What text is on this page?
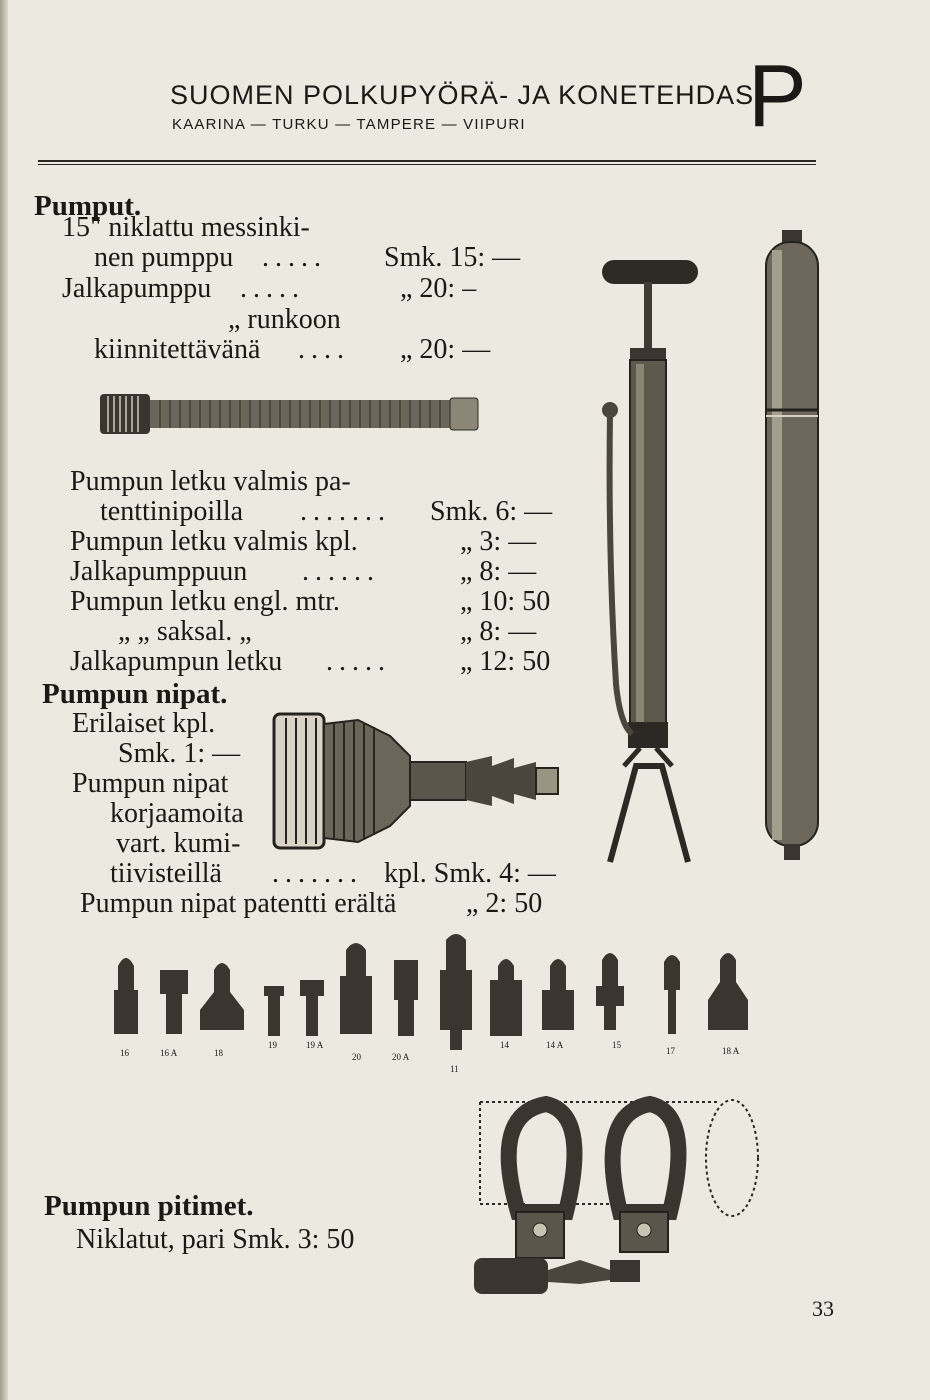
SUOMEN POLKUPYÖRÄ- JA KONETEHDAS
KAARINA — TURKU — TAMPERE — VIIPURI	P
Pumput.
15" niklattu messinki-
nen pumppu ..... Smk. 15: —
Jalkapumppu .....	„ 20: –
„ runkoon
kiinnitettävänä .... „ 20: —
Pumpun letku valmis pa-
tenttinipoilla ....... Smk. 6: —
Pumpun letku valmis kpl.	„ 3: —
Jalkapumppuun ......	„ 8: —
Pumpun letku engl. mtr.	„ 10: 50
„ „ saksal. „	„ 8: —
Jalkapumpun letku ..... „ 12: 50
Pumpun nipat.
Erilaiset kpl.
Smk. 1: —
Pumpun nipat
korjaamoita
vart. kumi-
tiivisteillä ....... kpl. Smk. 4: —
Pumpun nipat patentti erältä „ 2: 50
16	16 A	18
19	19 A
20	20 A
11
14	14 A	15
17	18 A
Pumpun pitimet.
Niklatut, pari Smk. 3: 50
33
